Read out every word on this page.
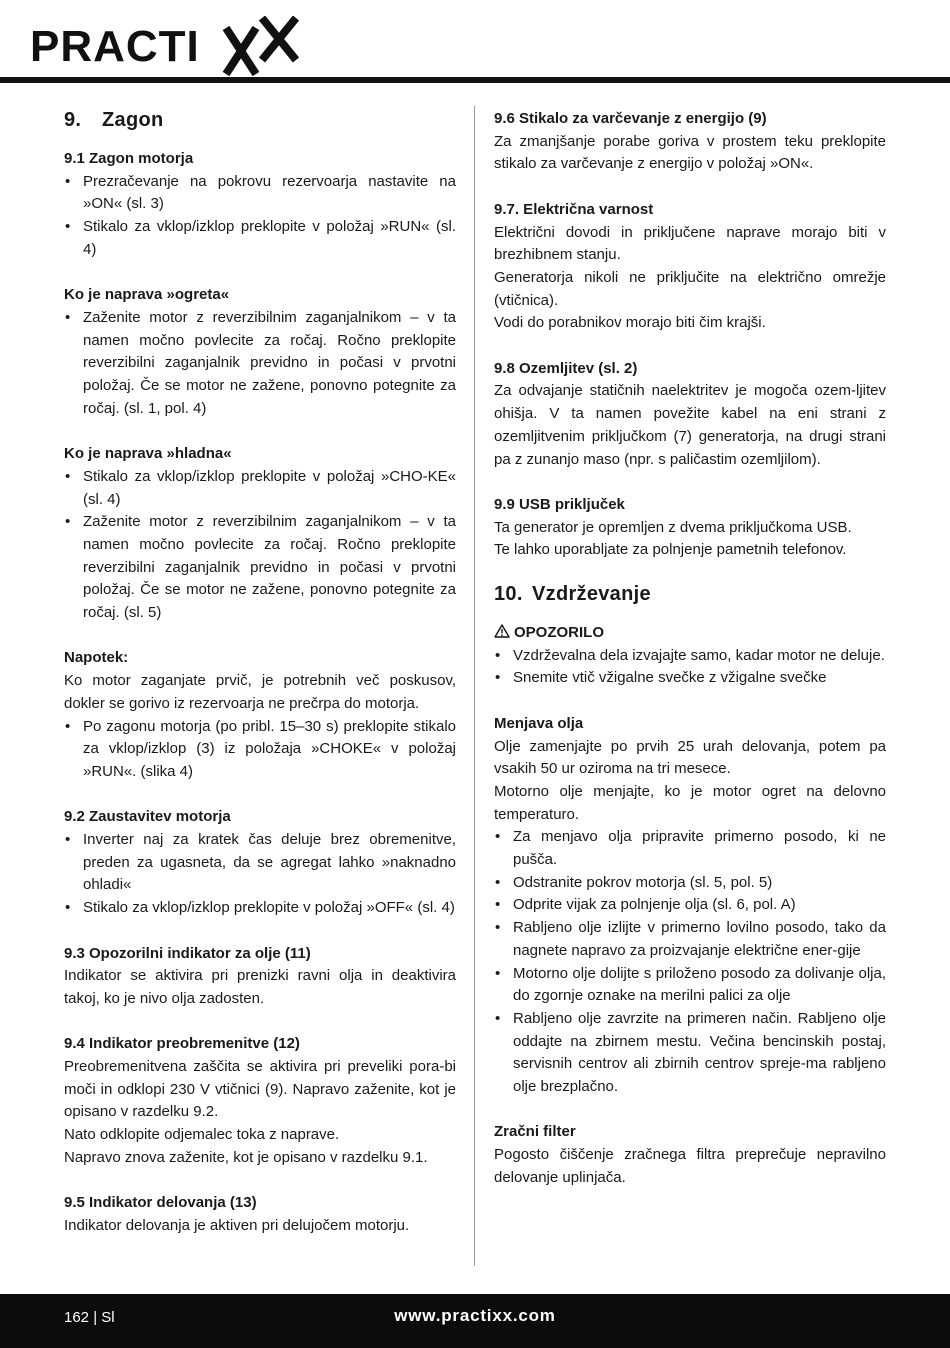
PRACTI
9. Zagon
9.1 Zagon motorja
• Prezračevanje na pokrovu rezervoarja nastavite na »ON« (sl. 3)
• Stikalo za vklop/izklop preklopite v položaj »RUN« (sl. 4)
Ko je naprava »ogreta«
• Zaženite motor z reverzibilnim zaganjalnikom – v ta namen močno povlecite za ročaj. Ročno preklopite reverzibilni zaganjalnik previdno in počasi v prvotni položaj. Če se motor ne zažene, ponovno potegnite za ročaj. (sl. 1, pol. 4)
Ko je naprava »hladna«
• Stikalo za vklop/izklop preklopite v položaj »CHO-KE« (sl. 4)
• Zaženite motor z reverzibilnim zaganjalnikom – v ta namen močno povlecite za ročaj. Ročno preklopite reverzibilni zaganjalnik previdno in počasi v prvotni položaj. Če se motor ne zažene, ponovno potegnite za ročaj. (sl. 5)
Napotek:

Ko motor zaganjate prvič, je potrebnih več poskusov, dokler se gorivo iz rezervoarja ne prečrpa do motorja.

• Po zagonu motorja (po pribl. 15–30 s) preklopite stikalo za vklop/izklop (3) iz položaja »CHOKE« v položaj »RUN«. (slika 4)
9.2 Zaustavitev motorja
• Inverter naj za kratek čas deluje brez obremenitve, preden za ugasneta, da se agregat lahko »naknadno ohladi«
• Stikalo za vklop/izklop preklopite v položaj »OFF« (sl. 4)
9.3 Opozorilni indikator za olje (11)

Indikator se aktivira pri prenizki ravni olja in deaktivira takoj, ko je nivo olja zadosten.

9.4 Indikator preobremenitve (12)

Preobremenitvena zaščita se aktivira pri preveliki pora-bi moči in odklopi 230 V vtičnici (9). Napravo zaženite, kot je opisano v razdelku 9.2.

Nato odklopite odjemalec toka z naprave.

Napravo znova zaženite, kot je opisano v razdelku 9.1.

9.5 Indikator delovanja (13)

Indikator delovanja je aktiven pri delujočem motorju.

9.6 Stikalo za varčevanje z energijo (9)

Za zmanjšanje porabe goriva v prostem teku preklopite stikalo za varčevanje z energijo v položaj »ON«.

9.7. Električna varnost

Električni dovodi in priključene naprave morajo biti v brezhibnem stanju.

Generatorja nikoli ne priključite na električno omrežje (vtičnica).

Vodi do porabnikov morajo biti čim krajši.

9.8 Ozemljitev (sl. 2)

Za odvajanje statičnih naelektritev je mogoča ozem-ljitev ohišja. V ta namen povežite kabel na eni strani z ozemljitvenim priključkom (7) generatorja, na drugi strani pa z zunanjo maso (npr. s paličastim ozemljilom).

9.9 USB priključek

Ta generator je opremljen z dvema priključkoma USB.

Te lahko uporabljate za polnjenje pametnih telefonov.

10. Vzdrževanje
OPOZORILO
• Vzdrževalna dela izvajajte samo, kadar motor ne deluje.
• Snemite vtič vžigalne svečke z vžigalne svečke
Menjava olja

Olje zamenjajte po prvih 25 urah delovanja, potem pa vsakih 50 ur oziroma na tri mesece.

Motorno olje menjajte, ko je motor ogret na delovno temperaturo.

• Za menjavo olja pripravite primerno posodo, ki ne pušča.
• Odstranite pokrov motorja (sl. 5, pol. 5)
• Odprite vijak za polnjenje olja (sl. 6, pol. A)
• Rabljeno olje izlijte v primerno lovilno posodo, tako da nagnete napravo za proizvajanje električne ener-gije
• Motorno olje dolijte s priloženo posodo za dolivanje olja, do zgornje oznake na merilni palici za olje
• Rabljeno olje zavrzite na primeren način. Rabljeno olje oddajte na zbirnem mestu. Večina bencinskih postaj, servisnih centrov ali zbirnih centrov spreje-ma rabljeno olje brezplačno.
Zračni filter

Pogosto čiščenje zračnega filtra preprečuje nepravilno delovanje uplinjača.

162 | Sl	www.practixx.com
